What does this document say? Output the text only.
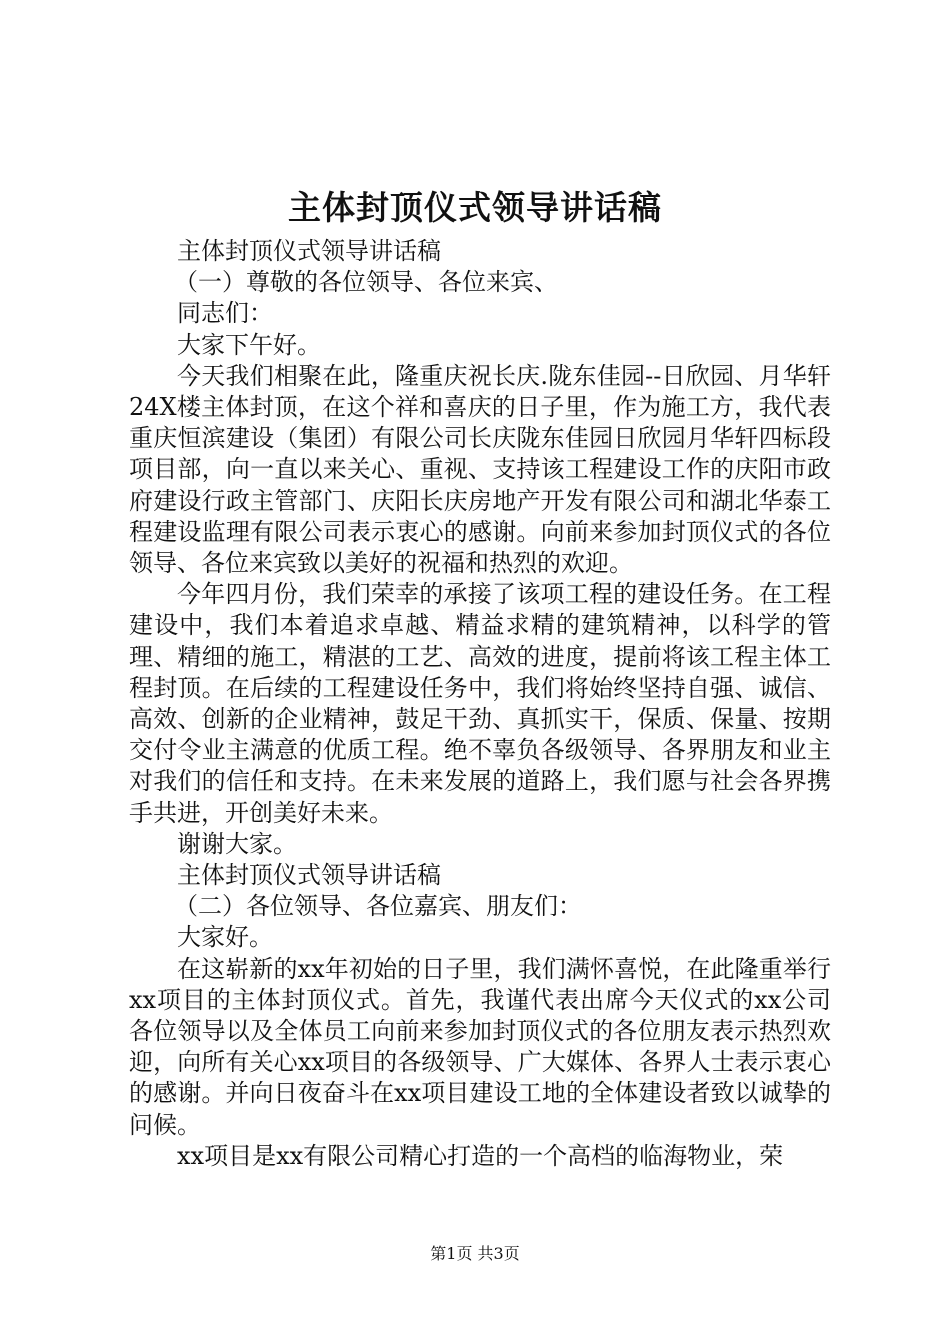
主体封顶仪式领导讲话稿

主体封顶仪式领导讲话稿

（一）尊敬的各位领导、各位来宾、

同志们：

大家下午好。

今天我们相聚在此，隆重庆祝长庆.陇东佳园--日欣园、月华轩24X楼主体封顶，在这个祥和喜庆的日子里，作为施工方，我代表重庆恒滨建设（集团）有限公司长庆陇东佳园日欣园月华轩四标段项目部，向一直以来关心、重视、支持该工程建设工作的庆阳市政府建设行政主管部门、庆阳长庆房地产开发有限公司和湖北华泰工程建设监理有限公司表示衷心的感谢。向前来参加封顶仪式的各位领导、各位来宾致以美好的祝福和热烈的欢迎。

今年四月份，我们荣幸的承接了该项工程的建设任务。在工程建设中，我们本着追求卓越、精益求精的建筑精神，以科学的管理、精细的施工，精湛的工艺、高效的进度，提前将该工程主体工程封顶。在后续的工程建设任务中，我们将始终坚持自强、诚信、高效、创新的企业精神，鼓足干劲、真抓实干，保质、保量、按期交付令业主满意的优质工程。绝不辜负各级领导、各界朋友和业主对我们的信任和支持。在未来发展的道路上，我们愿与社会各界携手共进，开创美好未来。

谢谢大家。

主体封顶仪式领导讲话稿

（二）各位领导、各位嘉宾、朋友们：

大家好。

在这崭新的xx年初始的日子里，我们满怀喜悦，在此隆重举行xx项目的主体封顶仪式。首先，我谨代表出席今天仪式的xx公司各位领导以及全体员工向前来参加封顶仪式的各位朋友表示热烈欢迎，向所有关心xx项目的各级领导、广大媒体、各界人士表示衷心的感谢。并向日夜奋斗在xx项目建设工地的全体建设者致以诚挚的问候。

xx项目是xx有限公司精心打造的一个高档的临海物业，荣

第1页 共3页
